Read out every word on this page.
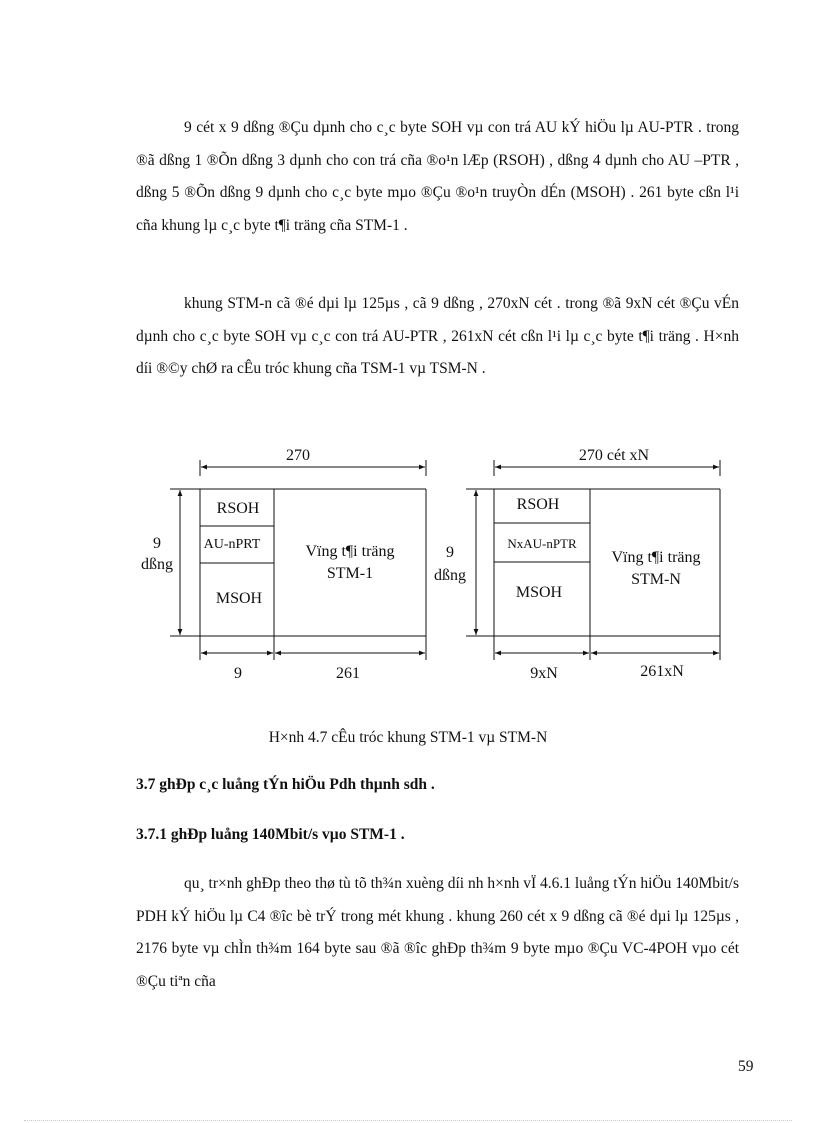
9 cét x 9 dßng ®Çu dµnh cho c¸c byte SOH vµ con trá AU kÝ hiÖu lµ AU-PTR . trong ®ã dßng 1 ®Õn dßng 3 dµnh cho con trá cña ®o¹n lÆp (RSOH) , dßng 4 dµnh cho AU –PTR , dßng 5 ®Õn dßng 9 dµnh cho c¸c byte mµo ®Çu ®o¹n truyÒn dÉn (MSOH) . 261 byte cßn l¹i cña khung lµ c¸c byte t¶i träng cña STM-1 .

khung STM-n cã ®é dµi lµ 125µs , cã 9 dßng , 270xN cét . trong ®ã 9xN cét ®Çu vÉn dµnh cho c¸c byte SOH vµ c¸c con trá AU-PTR , 261xN cét cßn l¹i lµ c¸c byte t¶i träng . H×nh díi ®©y chØ ra cÊu tróc khung cña TSM-1 vµ TSM-N .

270
9
dßng
RSOH
AU-nPRT
MSOH
Vïng t¶i träng
STM-1
9	261
270 cét xN
9
dßng
RSOH
NxAU-nPTR
MSOH
Vïng t¶i träng
STM-N
9xN	261xN
H×nh 4.7 cÊu tróc khung STM-1 vµ STM-N

3.7 ghÐp c¸c luång tÝn hiÖu Pdh thµnh sdh .

3.7.1 ghÐp luång 140Mbit/s vµo STM-1 .

qu¸ tr×nh ghÐp theo thø tù tõ th¾n xuèng díi nh h×nh vÏ 4.6.1 luång tÝn hiÖu 140Mbit/s PDH kÝ hiÖu lµ C4 ®îc bè trÝ trong mét khung . khung 260 cét x 9 dßng cã ®é dµi lµ 125µs , 2176 byte vµ chÌn th¾m 164 byte sau ®ã ®îc ghÐp th¾m 9 byte mµo ®Çu VC-4POH vµo cét ®Çu tiªn cña

59
